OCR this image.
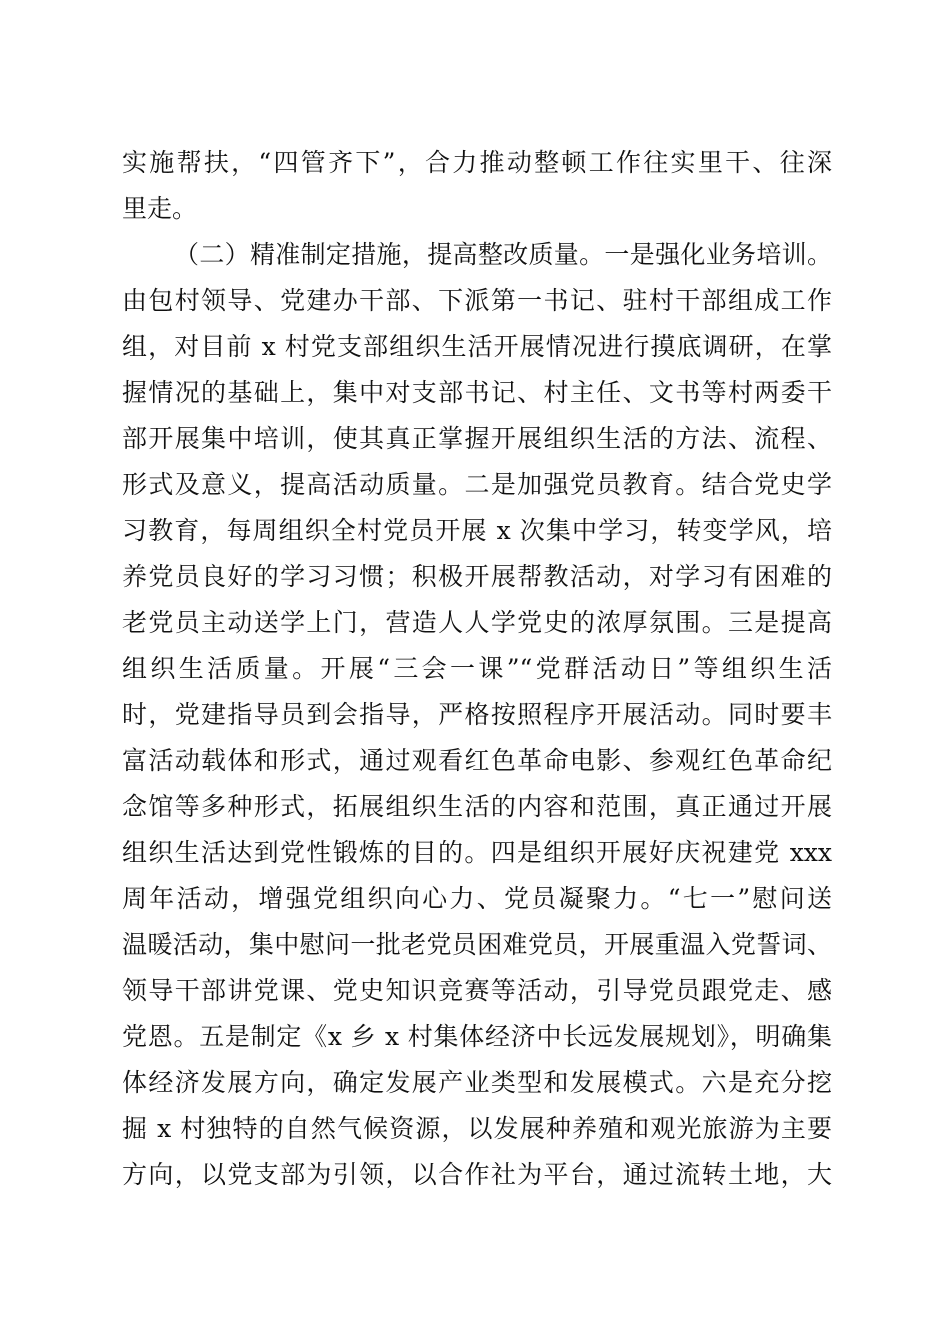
实施帮扶，“四管齐下”，合力推动整顿工作往实里干、往深
里走。
（二）精准制定措施，提高整改质量。一是强化业务培训。
由包村领导、党建办干部、下派第一书记、驻村干部组成工作
组，对目前 x 村党支部组织生活开展情况进行摸底调研，在掌
握情况的基础上，集中对支部书记、村主任、文书等村两委干
部开展集中培训，使其真正掌握开展组织生活的方法、流程、
形式及意义，提高活动质量。二是加强党员教育。结合党史学
习教育，每周组织全村党员开展 x 次集中学习，转变学风，培
养党员良好的学习习惯；积极开展帮教活动，对学习有困难的
老党员主动送学上门，营造人人学党史的浓厚氛围。三是提高
组织生活质量。开展“三会一课”“党群活动日”等组织生活
时，党建指导员到会指导，严格按照程序开展活动。同时要丰
富活动载体和形式，通过观看红色革命电影、参观红色革命纪
念馆等多种形式，拓展组织生活的内容和范围，真正通过开展
组织生活达到党性锻炼的目的。四是组织开展好庆祝建党 xxx
周年活动，增强党组织向心力、党员凝聚力。“七一”慰问送
温暖活动，集中慰问一批老党员困难党员，开展重温入党誓词、
领导干部讲党课、党史知识竞赛等活动，引导党员跟党走、感
党恩。五是制定《x 乡 x 村集体经济中长远发展规划》，明确集
体经济发展方向，确定发展产业类型和发展模式。六是充分挖
掘 x 村独特的自然气候资源，以发展种养殖和观光旅游为主要
方向，以党支部为引领，以合作社为平台，通过流转土地，大
